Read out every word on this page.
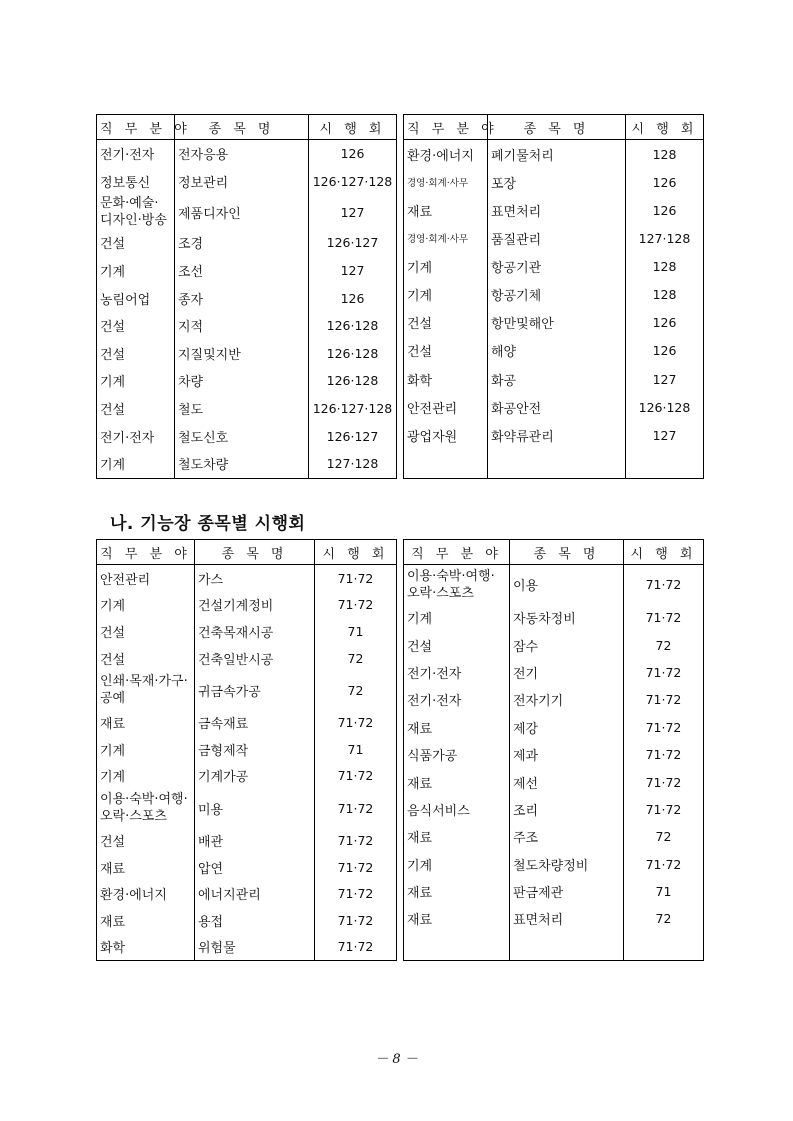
직 무 분 야	종 목 명	시 행 회
전기·전자	전자응용	126
정보통신	정보관리	126·127·128
문화·예술·디자인·방송	제품디자인	127
건설	조경	126·127
기계	조선	127
농림어업	종자	126
건설	지적	126·128
건설	지질및지반	126·128
기계	차량	126·128
건설	철도	126·127·128
전기·전자	철도신호	126·127
기계	철도차량	127·128
직 무 분 야	종 목 명	시 행 회
환경·에너지	폐기물처리	128
경영·회계·사무	포장	126
재료	표면처리	126
경영·회계·사무	품질관리	127·128
기계	항공기관	128
기계	항공기체	128
건설	항만및해안	126
건설	해양	126
화학	화공	127
안전관리	화공안전	126·128
광업자원	화약류관리	127

나. 기능장 종목별 시행회
직 무 분 야	종 목 명	시 행 회
안전관리	가스	71·72
기계	건설기계정비	71·72
건설	건축목재시공	71
건설	건축일반시공	72
인쇄·목재·가구·공예	귀금속가공	72
재료	금속재료	71·72
기계	금형제작	71
기계	기계가공	71·72
이용·숙박·여행·오락·스포츠	미용	71·72
건설	배관	71·72
재료	압연	71·72
환경·에너지	에너지관리	71·72
재료	용접	71·72
화학	위험물	71·72
직 무 분 야	종 목 명	시 행 회
이용·숙박·여행·오락·스포츠	이용	71·72
기계	자동차정비	71·72
건설	잠수	72
전기·전자	전기	71·72
전기·전자	전자기기	71·72
재료	제강	71·72
식품가공	제과	71·72
재료	제선	71·72
음식서비스	조리	71·72
재료	주조	72
기계	철도차량정비	71·72
재료	판금제관	71
재료	표면처리	72

－ 8 －
